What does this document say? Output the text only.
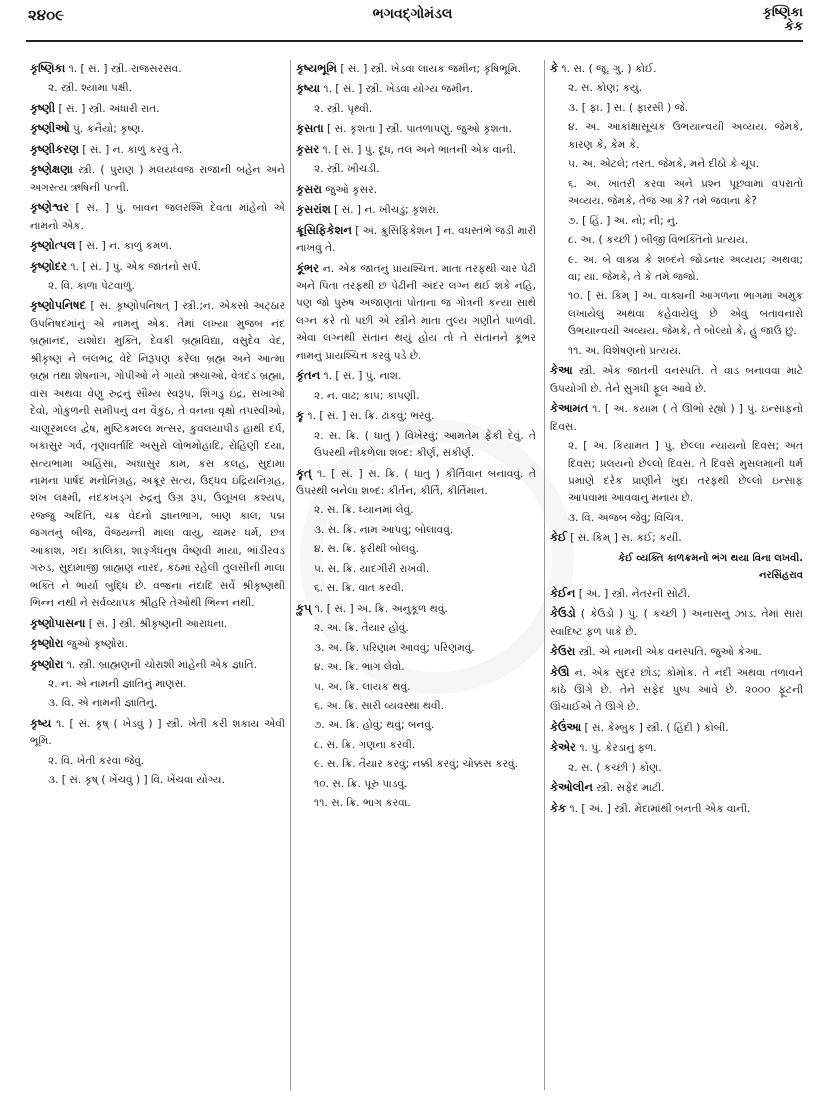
૨૪૦૯	ભગવદ્ગોમંડલ	કૃષ્ણિકા
કેક

કૃષ્ણિકા ૧. [ સં. ] સ્ત્રી. રાજસરસવ.

૨. સ્ત્રી. શ્યામા પક્ષી.

કૃષ્ણી [ સં. ] સ્ત્રી. અંધારી રાત.

કૃષ્ણીઓ પું. કનૈયો; કૃષ્ણ.

કૃષ્ણીકરણ [ સં. ] ન. કાળું કરવું તે.

કૃષ્ણેક્ષણા સ્ત્રી. ( પુરાણ ) મલયધ્વજ રાજાની બહેન અને અગસ્ત્ય ઋષિની પત્ની.

કૃષ્ણેશ્વર [ સં. ] પું. બાવન જલરશ્મિ દેવતા માંહેનો એ નામનો એક.

કૃષ્ણોત્પલ [ સં. ] ન. કાળું કમળ.

કૃષ્ણોદર ૧. [ સં. ] પું. એક જાતનો સર્પ.

૨. વિ. કાળા પેટવાળું.

કૃષ્ણોપનિષદ [ સં. કૃષ્ણોપનિષત્ ] સ્ત્રી.;ન. એકસો અટ્ઠાર ઉપનિષદમાંનું એ નામનું એક. તેમાં લખ્યા મુજબ નંદ બ્રહ્માનંદ, યશોદા મુક્તિ, દેવકી બ્રહ્મવિદ્યા, વસુદેવ વેદ, શ્રીકૃષ્ણ ને બલભદ્ર વેદે નિરૂપણ કરેલા બ્રહ્મ અને આત્મા બ્રહ્મ તથા શેષનાગ, ગોપીઓ ને ગાયો ઋચાઓ, વેત્રદંડ બ્રહ્મા, વાંસ અથવા વેણુ રુદ્રનું સૌમ્ય સ્વરૂપ, શિંગડું ઇંદ્ર, સખાઓ દેવો, ગોકુળની સમીપનું વન વૈકુંઠ, તે વનના વૃક્ષો તપસ્વીઓ, ચાણૂરમલ્લ દ્વેષ, મુષ્ટિકમલ્લ મત્સર, કુવલયાપીડ હાથી દર્પ, બકાસુર ગર્વ, તૃણાવર્તાદિ અસુરો લોભમોહાદિ, રોહિણી દયા, સત્યભામા અહિંસા, અઘાસુર કામ, કંસ કલહ, સુદામા નામના પાર્ષદ મનોનિગ્રહ, અક્રૂર સત્ય, ઉદ્ધવ ઇંદ્રિયનિગ્રહ, શંખ લક્ષ્મી, નંદકખડ્ગ રુદ્રનું ઉગ્ર રૂપ, ઉલૂખલ કશ્યપ, રજ્જુ અદિતિ, ચક્ર વેદનો જ્ઞાનભાગ, બાણ કાલ, પદ્મ જગતનું બીજ, વૈજયન્તી માલા વાયુ, ચામર ધર્મ, છત્ર આકાશ, ગદા કાલિકા, શાર્ઙ્ગધનુષ વૈષ્ણવી માયા, ભાંડીરવડ ગરુડ, સુદામાજી બ્રાહ્મણ નારદ, કંઠમાં રહેલી તુલસીની માલા ભક્તિ ને ભાર્યા બુદ્ધિ છે. વજ્રના નંદાદિ સર્વે શ્રીકૃષ્ણથી ભિન્ન નથી ને સર્વવ્યાપક શ્રીહરિ તેઓથી ભિન્ન નથી.

કૃષ્ણોપાસના [ સં. ] સ્ત્રી. શ્રીકૃષ્ણની આરાધના.

કૃષ્ણોરા જુઓ કૃષ્ણોરા.

કૃષ્ણોરા ૧. સ્ત્રી. બ્રાહ્મણની ચોરાશી માંહેની એક જ્ઞાતિ.

૨. ન. એ નામની જ્ઞાતિનું માણસ.

૩. વિ. એ નામની જ્ઞાતિનું.

કૃષ્ય ૧. [ સં. કૃષ્ ( ખેડવું ) ] સ્ત્રી. ખેતી કરી શકાય એવી ભૂમિ.

૨. વિ. ખેતી કરવા જેવું.

૩. [ સં. કૃષ્ ( ખેંચવું ) ] વિ. ખેંચવા યોગ્ય.

કૃષ્યભૂમિ [ સં. ] સ્ત્રી. ખેડવા લાયક જમીન; કૃષિભૂમિ.

કૃષ્યા ૧. [ સં. ] સ્ત્રી. ખેડવા યોગ્ય જમીન.

૨. સ્ત્રી. પૃથ્વી.

કૃસતા [ સં. કૃશતા ] સ્ત્રી. પાતળાપણું. જુઓ કૃશતા.

કૃસર ૧. [ સં. ] પું. દૂધ, તલ અને ભાતની એક વાની.

૨. સ્ત્રી. ખીચડી.

કૃસરા જુઓ કૃસર.

કૃસરાંશ [ સં. ] ન. ખીચડું; કૃશરા.

ક્રૂસિફિકેશન [ અં. ક્રુસિફિકેશન ] ન. વધસ્તંભે જડી મારી નાખવું તે.

કૂંભર ન. એક જાતનું પ્રાયશ્ચિત્ત. માતા તરફથી ચાર પેઢી અને પિતા તરફથી છ પેઢીની અંદર લગ્ન થઈ શકે નહિ, પણ જો પુરુષ અજાણતાં પોતાના જ ગોત્રની કન્યા સાથે લગ્ન કરે તો પછી એ સ્ત્રીને માતા તુલ્ય ગણીને પાળવી. એવા લગ્નથી સંતાન થયું હોય તો તે સંતાનને કૂંભર નામનું પ્રાયશ્ચિત્ત કરવું પડે છે.

કૃંતન ૧. [ સં. ] પું. નાશ.

૨. ન. વાઢ; કાપ; કાપણી.

કૄ ૧. [ સં. ] સ. ક્રિ. ઢાંકવું; ભરવું.

૨. સ. ક્રિ. ( ધાતુ ) વિખેરવું; આમતેમ ફેંકી દેવું. તે ઉપરથી નીકળેલા શબ્દ: કીર્ણ, સંકીર્ણ.

કૄત્ ૧. [ સં. ] સ. ક્રિ. ( ધાતુ ) કીર્તિવાન બનાવવું. તે ઉપરથી બનેલા શબ્દ: કીર્તન, કીર્તિ, કીર્તિમાન.

૨. સ. ક્રિ. ધ્યાનમાં લેવું.

૩. સ. ક્રિ. નામ આપવું; બોલાવવું.

૪. સ. ક્રિ. ફરીથી બોલવું.

૫. સ. ક્રિ. યાદગીરી રાખવી.

૬. સ. ક્રિ. વાત કરવી.

કૢપ્ ૧. [ સં. ] અ. ક્રિ. અનુકૂળ થવું.

૨. અ. ક્રિ. તૈયાર હોવું.

૩. અ. ક્રિ. પરિણામ આવવું; પરિણમવું.

૪. અ. ક્રિ. ભાગ લેવો.

૫. અ. ક્રિ. લાયક થવું.

૬. અ. ક્રિ. સારી વ્યવસ્થા થવી.

૭. અ. ક્રિ. હોવું; થવું; બનવું.

૮. સ. ક્રિ. ગણના કરવી.

૯. સ. ક્રિ. તૈયાર કરવું; નક્કી કરવું; ચોક્કસ કરવું.

૧૦. સ. ક્રિ. પૂરું પાડવું.

૧૧. સ. ક્રિ. ભાગ કરવા.

કે ૧. સ. ( જૂ. ગુ. ) કોઈ.

૨. સ. કોણ; કયું.

૩. [ ફા. ] સ. ( ફારસી ) જે.

૪. અ. આકાંક્ષાસૂચક ઉભયાન્વયી અવ્યય. જેમકે, કારણ કે, કેમ કે.

૫. અ. એટલે; તરત. જેમકે, મને દીઠો કે ચૂપ.

૬. અ. ખાતરી કરવા અને પ્રશ્ન પૂછવામાં વપરાતો અવ્યય. જેમકે, તેજ આ કે? તમે જવાના કે?

૭. [ હિં. ] અ. નો; ની; નું.

૮. અ. ( કચ્છી ) બીજી વિભક્તિનો પ્રત્યય.

૯. અ. બે વાક્ય કે શબ્દને જોડનાર અવ્યય; અથવા; વા; યા. જેમકે, તે કે તમે જજો.

૧૦. [ સં. કિમ્ ] અ. વાક્યની આગળના ભાગમાં અમુક લખાયેલું અથવા કહેવાયેલું છે એવું બતાવનારો ઉભયાન્વયી અવ્યય. જેમકે, તે બોલ્યો કે, હું જાઉં છું.

૧૧. અ. વિશેષણનો પ્રત્યય.

કેઆ સ્ત્રી. એક જાતની વનસ્પતિ. તે વાડ બનાવવા માટે ઉપયોગી છે. તેને સુગંધી ફૂલ આવે છે.

કેઆમત ૧. [ અ. કયામ ( તે ઊભો રહ્યો ) ] પું. ઇન્સાફનો દિવસ.

૨. [ અ. કિયામત ] પું. છેલ્લા ન્યાયનો દિવસ; અંત દિવસ; પ્રલયનો છેલ્લો દિવસ. તે દિવસે મુસલમાની ધર્મ પ્રમાણે દરેક પ્રાણીને ખુદા તરફથી છેલ્લો ઇન્સાફ આપવામાં આવવાનું મનાય છે.

૩. વિ. અજબ જેવું; વિચિત્ર.

કેઈ [ સં. કિમ્ ] સ. કઈ; કયી.

કેઈ વ્યક્તિ કાળક્રમનો ભંગ થયા વિના લખવી.

નરસિંહરાવ

કેઈન [ અં. ] સ્ત્રી. નેતરની સોટી.

કેઉડો ( કેઉડો ) પું. ( કચ્છી ) અનાસનું ઝાડ. તેમાં સારાં સ્વાદિષ્ટ ફળ પાકે છે.

કેઉરા સ્ત્રી. એ નામની એક વનસ્પતિ. જુઓ કેઆ.

કેઉો ન. એક સુંદર છોડ; કોમોક. તે નદી અથવા તળાવને કાંઠે ઊગે છે. તેને સફેદ પુષ્પ આવે છે. ૨૦૦૦ ફૂટની ઊંચાઈએ તે ઊગે છે.

કેઉંઆ [ સં. કેમ્બુક ] સ્ત્રી. ( હિંદી ) કોબી.

કેએર ૧. પું. કેરડાનું ફળ.

૨. સ. ( કચ્છી ) કોણ.

કેઓલીન સ્ત્રી. સફેદ માટી.

કેક ૧. [ અં. ] સ્ત્રી. મેંદામાંથી બનતી એક વાની.
